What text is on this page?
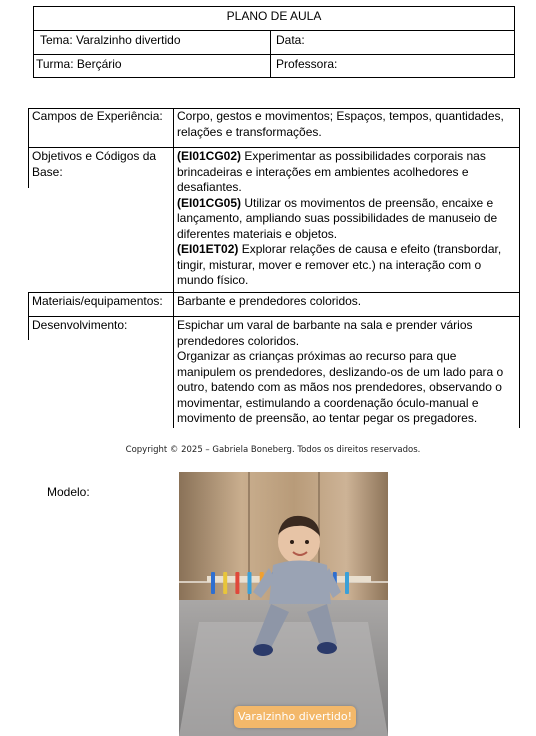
PLANO DE AULA
Tema: Varalzinho divertido	Data:
Turma: Berçário	Professora:
Campos de Experiência: Corpo, gestos e movimentos; Espaços, tempos, quantidades,
relações e transformações.
Objetivos e Códigos da
Base:
(EI01CG02) Experimentar as possibilidades corporais nas
brincadeiras e interações em ambientes acolhedores e
desafiantes.
(EI01CG05) Utilizar os movimentos de preensão, encaixe e
lançamento, ampliando suas possibilidades de manuseio de
diferentes materiais e objetos.
(EI01ET02) Explorar relações de causa e efeito (transbordar,
tingir, misturar, mover e remover etc.) na interação com o
mundo físico.
Materiais/equipamentos: Barbante e prendedores coloridos.
Desenvolvimento:	Espichar um varal de barbante na sala e prender vários
prendedores coloridos.
Organizar as crianças próximas ao recurso para que
manipulem os prendedores, deslizando-os de um lado para o
outro, batendo com as mãos nos prendedores, observando o
movimentar, estimulando a coordenação óculo-manual e
movimento de preensão, ao tentar pegar os pregadores.
Copyright © 2025 – Gabriela Boneberg. Todos os direitos reservados.
Modelo:
Varalzinho divertido!
